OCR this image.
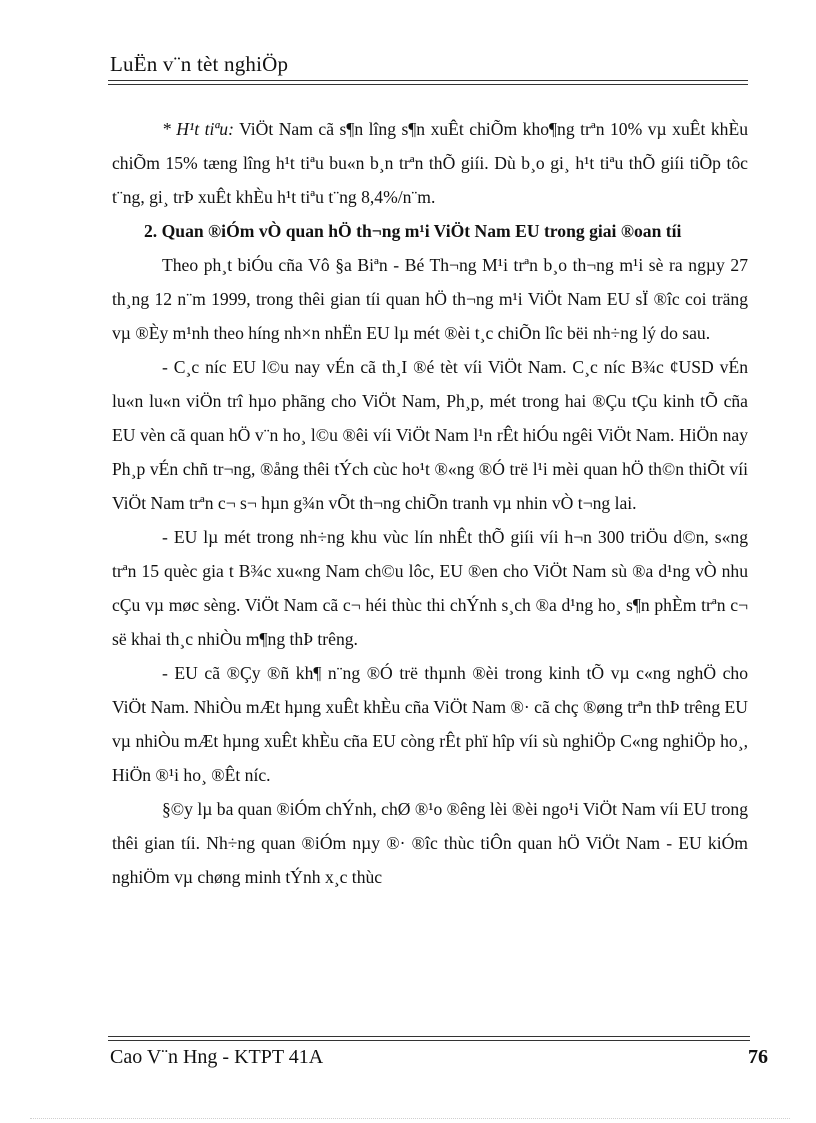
LuËn v¨n tèt nghiÖp

* H¹t tiªu: ViÖt Nam cã s¶n lîng s¶n xuÊt chiÕm kho¶ng trªn 10% vµ xuÊt khÈu chiÕm 15% tæng lîng h¹t tiªu bu«n b¸n trªn thÕ giíi. Dù b¸o gi¸ h¹t tiªu thÕ giíi tiÕp tôc t¨ng, gi¸ trÞ xuÊt khÈu h¹t tiªu t¨ng 8,4%/n¨m.

2. Quan ®iÓm vÒ quan hÖ th¬ng m¹i ViÖt Nam EU trong giai ®oan tíi

Theo ph¸t biÓu cña Vô §a Biªn - Bé Th¬ng M¹i trªn b¸o th¬ng m¹i sè ra ngµy 27 th¸ng 12 n¨m 1999, trong thêi gian tíi quan hÖ th¬ng m¹i ViÖt Nam EU sÏ ®îc coi träng vµ ®Èy m¹nh theo híng nh×n nhËn EU lµ mét ®èi t¸c chiÕn lîc bëi nh÷ng lý do sau.

- C¸c níc EU l©u nay vÉn cã th¸I ®é tèt víi ViÖt Nam. C¸c níc B¾c ¢USD vÉn lu«n lu«n viÖn trî hµo phãng cho ViÖt Nam, Ph¸p, mét trong hai ®Çu tÇu kinh tÕ cña EU vèn cã quan hÖ v¨n ho¸ l©u ®êi víi ViÖt Nam l¹n rÊt hiÓu ngêi ViÖt Nam. HiÖn nay Ph¸p vÉn chñ tr¬ng, ®ång thêi tÝch cùc ho¹t ®«ng ®Ó trë l¹i mèi quan hÖ th©n thiÕt víi ViÖt Nam trªn c¬ s¬ hµn g¾n vÕt th¬ng chiÕn tranh vµ nhin vÒ t¬ng lai.

- EU lµ mét trong nh÷ng khu vùc lín nhÊt thÕ giíi víi h¬n 300 triÖu d©n, s«ng trªn 15 quèc gia t B¾c xu«ng Nam ch©u lôc, EU ®en cho ViÖt Nam sù ®a d¹ng vÒ nhu cÇu vµ møc sèng. ViÖt Nam cã c¬ héi thùc thi chÝnh s¸ch ®a d¹ng ho¸ s¶n phÈm trªn c¬ së khai th¸c nhiÒu m¶ng thÞ trêng.

- EU cã ®Çy ®ñ kh¶ n¨ng ®Ó trë thµnh ®èi trong kinh tÕ vµ c«ng nghÖ cho ViÖt Nam. NhiÒu mÆt hµng xuÊt khÈu cña ViÖt Nam ®· cã chç ®øng trªn thÞ trêng EU vµ nhiÒu mÆt hµng xuÊt khÈu cña EU còng rÊt phï hîp víi sù nghiÖp C«ng nghiÖp ho¸, HiÖn ®¹i ho¸ ®Êt níc.

§©y lµ ba quan ®iÓm chÝnh, chØ ®¹o ®êng lèi ®èi ngo¹i ViÖt Nam víi EU trong thêi gian tíi. Nh÷ng quan ®iÓm nµy ®· ®îc thùc tiÔn quan hÖ ViÖt Nam - EU kiÓm nghiÖm vµ chøng minh tÝnh x¸c thùc

Cao V¨n Hng - KTPT 41A	76
